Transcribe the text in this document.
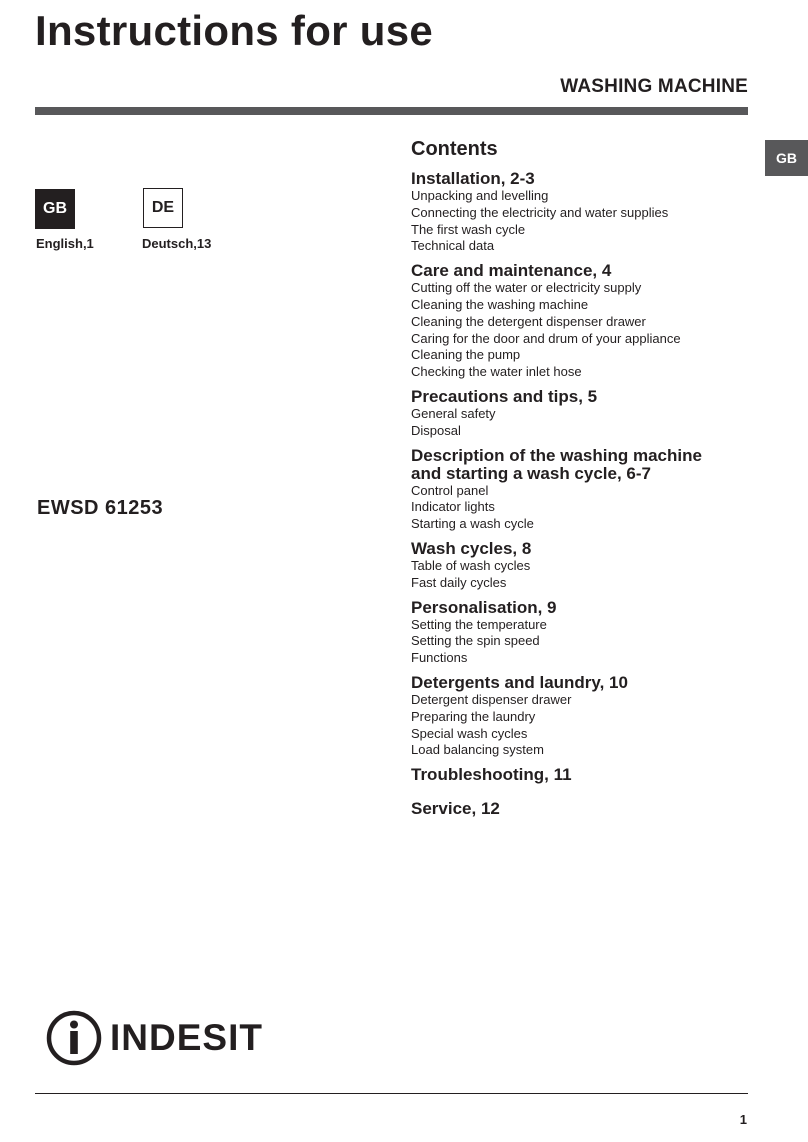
Instructions for use
WASHING MACHINE
GB
GB	DE
English,1	Deutsch,13
EWSD 61253
Contents
Installation, 2-3
Unpacking and levelling
Connecting the electricity and water supplies
The first wash cycle
Technical data
Care and maintenance, 4
Cutting off the water or electricity supply
Cleaning the washing machine
Cleaning the detergent dispenser drawer
Caring for the door and drum of your appliance
Cleaning the pump
Checking the water inlet hose
Precautions and tips, 5
General safety
Disposal
Description of the washing machine
and starting a wash cycle, 6-7
Control panel
Indicator lights
Starting a wash cycle
Wash cycles, 8
Table of wash cycles
Fast daily cycles
Personalisation, 9
Setting the temperature
Setting the spin speed
Functions
Detergents and laundry, 10
Detergent dispenser drawer
Preparing the laundry
Special wash cycles
Load balancing system
Troubleshooting, 11
Service, 12
INDESIT
1
